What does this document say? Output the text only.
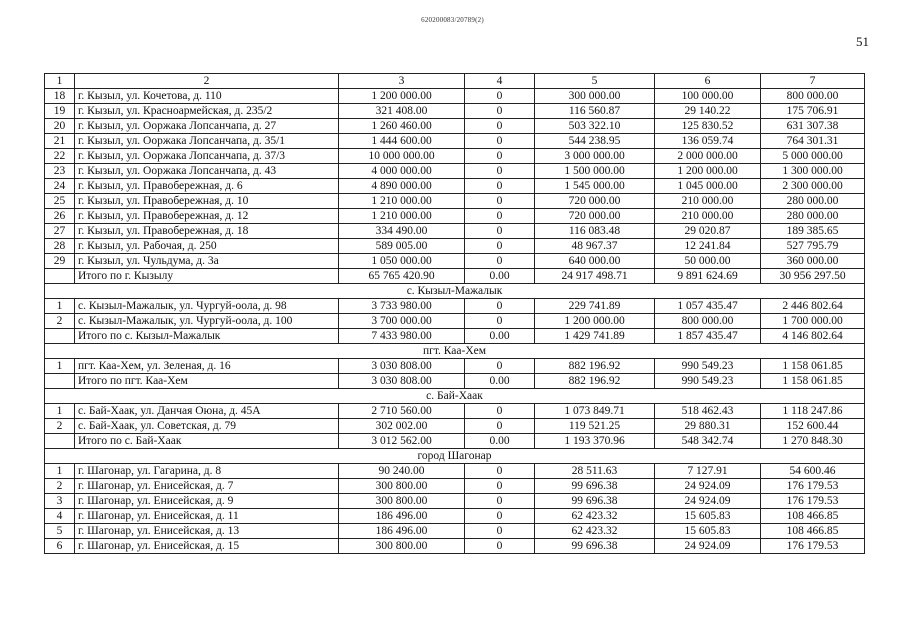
620200083/20789(2)
51
1	2	3	4	5	6	7
18	г. Кызыл, ул. Кочетова, д. 110	1 200 000.00	0	300 000.00	100 000.00	800 000.00
19	г. Кызыл, ул. Красноармейская, д. 235/2	321 408.00	0	116 560.87	29 140.22	175 706.91
20	г. Кызыл, ул. Ооржака Лопсанчапа, д. 27	1 260 460.00	0	503 322.10	125 830.52	631 307.38
21	г. Кызыл, ул. Ооржака Лопсанчапа, д. 35/1	1 444 600.00	0	544 238.95	136 059.74	764 301.31
22	г. Кызыл, ул. Ооржака Лопсанчапа, д. 37/3	10 000 000.00	0	3 000 000.00	2 000 000.00	5 000 000.00
23	г. Кызыл, ул. Ооржака Лопсанчапа, д. 43	4 000 000.00	0	1 500 000.00	1 200 000.00	1 300 000.00
24	г. Кызыл, ул. Правобережная, д. 6	4 890 000.00	0	1 545 000.00	1 045 000.00	2 300 000.00
25	г. Кызыл, ул. Правобережная, д. 10	1 210 000.00	0	720 000.00	210 000.00	280 000.00
26	г. Кызыл, ул. Правобережная, д. 12	1 210 000.00	0	720 000.00	210 000.00	280 000.00
27	г. Кызыл, ул. Правобережная, д. 18	334 490.00	0	116 083.48	29 020.87	189 385.65
28	г. Кызыл, ул. Рабочая, д. 250	589 005.00	0	48 967.37	12 241.84	527 795.79
29	г. Кызыл, ул. Чульдума, д. 3а	1 050 000.00	0	640 000.00	50 000.00	360 000.00
	Итого по г. Кызылу	65 765 420.90	0.00	24 917 498.71	9 891 624.69	30 956 297.50
с. Кызыл-Мажалык						
1	с. Кызыл-Мажалык, ул. Чургуй-оола, д. 98	3 733 980.00	0	229 741.89	1 057 435.47	2 446 802.64
2	с. Кызыл-Мажалык, ул. Чургуй-оола, д. 100	3 700 000.00	0	1 200 000.00	800 000.00	1 700 000.00
	Итого по с. Кызыл-Мажалык	7 433 980.00	0.00	1 429 741.89	1 857 435.47	4 146 802.64
пгт. Каа-Хем						
1	пгт. Каа-Хем, ул. Зеленая, д. 16	3 030 808.00	0	882 196.92	990 549.23	1 158 061.85
	Итого по пгт. Каа-Хем	3 030 808.00	0.00	882 196.92	990 549.23	1 158 061.85
с. Бай-Хаак						
1	с. Бай-Хаак, ул. Данчая Оюна, д. 45А	2 710 560.00	0	1 073 849.71	518 462.43	1 118 247.86
2	с. Бай-Хаак, ул. Советская, д. 79	302 002.00	0	119 521.25	29 880.31	152 600.44
	Итого по с. Бай-Хаак	3 012 562.00	0.00	1 193 370.96	548 342.74	1 270 848.30
город Шагонар						
1	г. Шагонар, ул. Гагарина, д. 8	90 240.00	0	28 511.63	7 127.91	54 600.46
2	г. Шагонар, ул. Енисейская, д. 7	300 800.00	0	99 696.38	24 924.09	176 179.53
3	г. Шагонар, ул. Енисейская, д. 9	300 800.00	0	99 696.38	24 924.09	176 179.53
4	г. Шагонар, ул. Енисейская, д. 11	186 496.00	0	62 423.32	15 605.83	108 466.85
5	г. Шагонар, ул. Енисейская, д. 13	186 496.00	0	62 423.32	15 605.83	108 466.85
6	г. Шагонар, ул. Енисейская, д. 15	300 800.00	0	99 696.38	24 924.09	176 179.53
